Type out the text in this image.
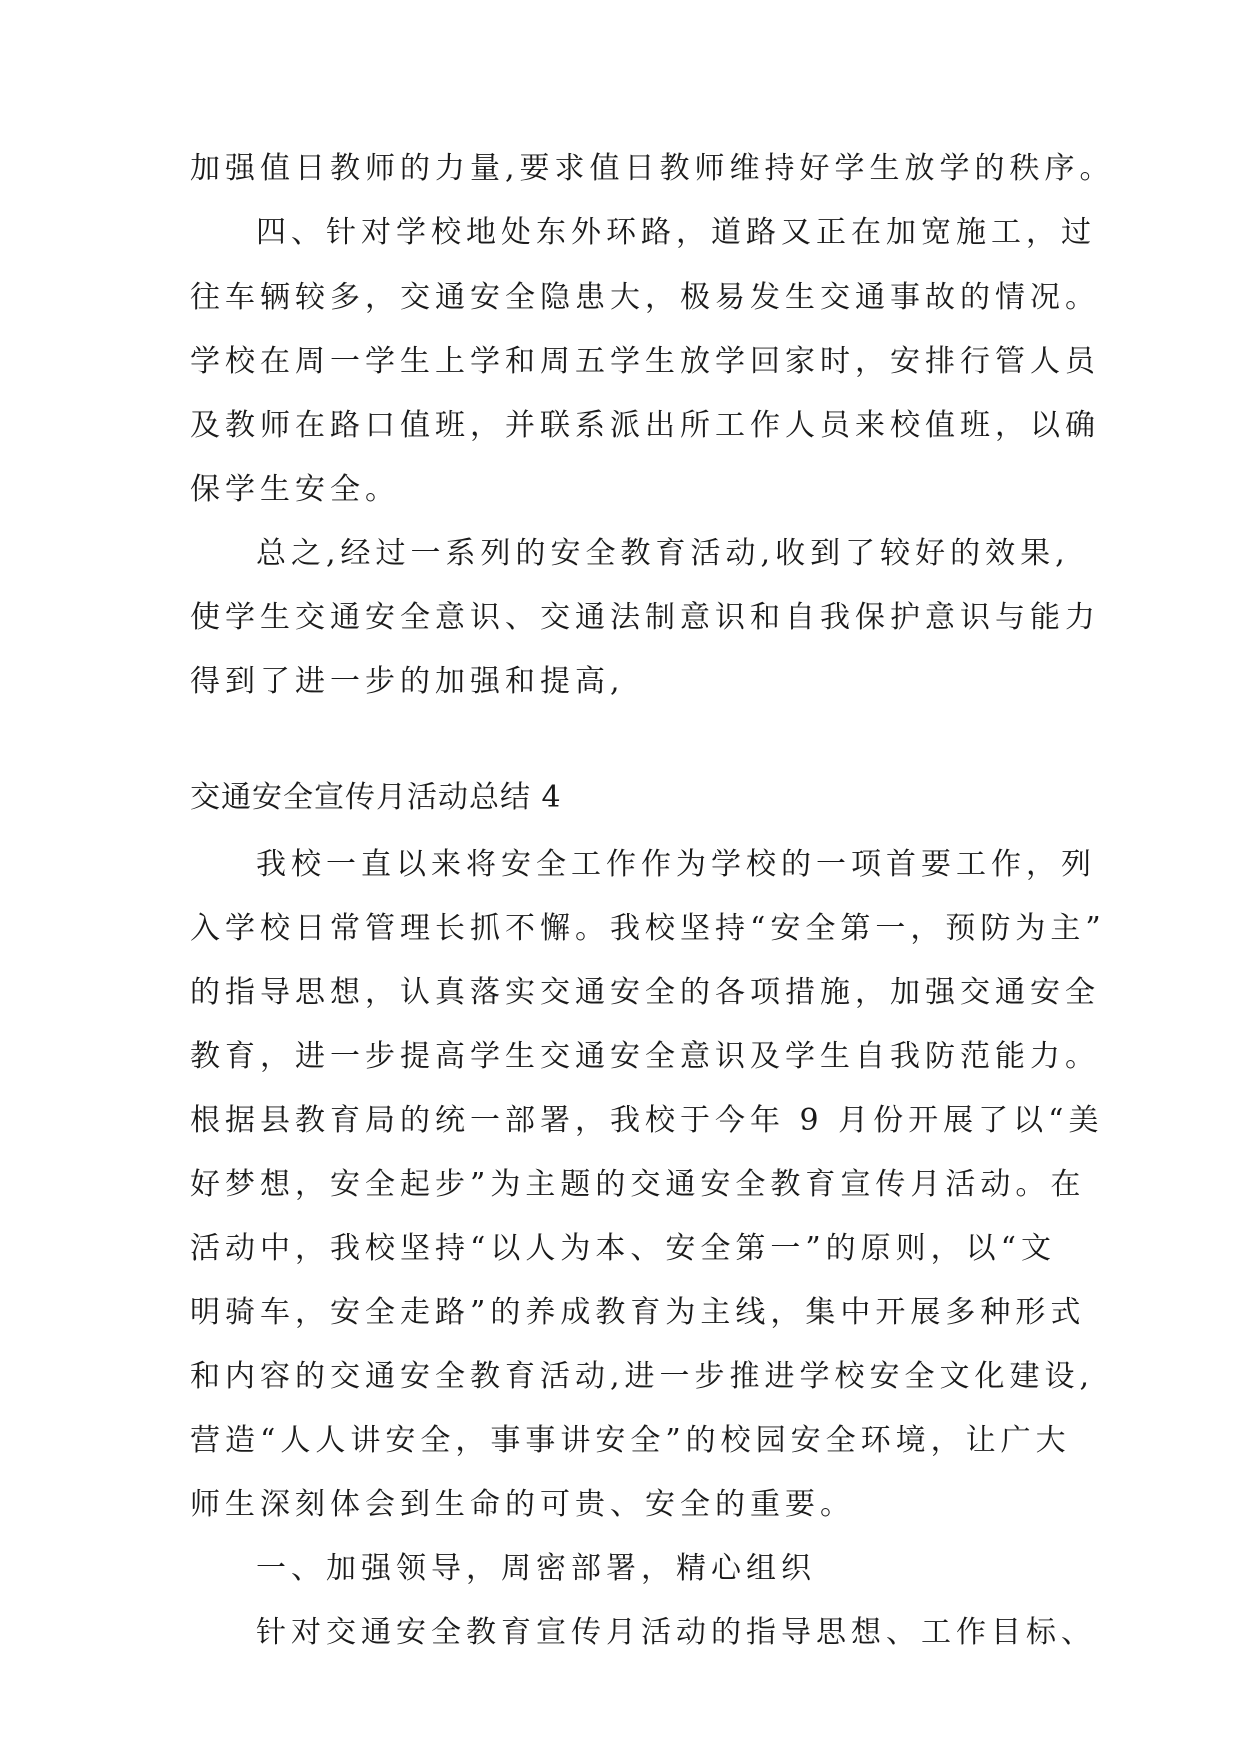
加强值日教师的力量,要求值日教师维持好学生放学的秩序。
四、针对学校地处东外环路，道路又正在加宽施工，过
往车辆较多，交通安全隐患大，极易发生交通事故的情况。
学校在周一学生上学和周五学生放学回家时，安排行管人员
及教师在路口值班，并联系派出所工作人员来校值班，以确
保学生安全。
总之,经过一系列的安全教育活动,收到了较好的效果,
使学生交通安全意识、交通法制意识和自我保护意识与能力
得到了进一步的加强和提高,
交通安全宣传月活动总结 4
我校一直以来将安全工作作为学校的一项首要工作，列
入学校日常管理长抓不懈。我校坚持“安全第一，预防为主”
的指导思想，认真落实交通安全的各项措施，加强交通安全
教育，进一步提高学生交通安全意识及学生自我防范能力。
根据县教育局的统一部署，我校于今年 9 月份开展了以“美
好梦想，安全起步”为主题的交通安全教育宣传月活动。在
活动中，我校坚持“以人为本、安全第一”的原则，以“文
明骑车，安全走路”的养成教育为主线，集中开展多种形式
和内容的交通安全教育活动,进一步推进学校安全文化建设,
营造“人人讲安全，事事讲安全”的校园安全环境，让广大
师生深刻体会到生命的可贵、安全的重要。
一、加强领导，周密部署，精心组织
针对交通安全教育宣传月活动的指导思想、工作目标、
